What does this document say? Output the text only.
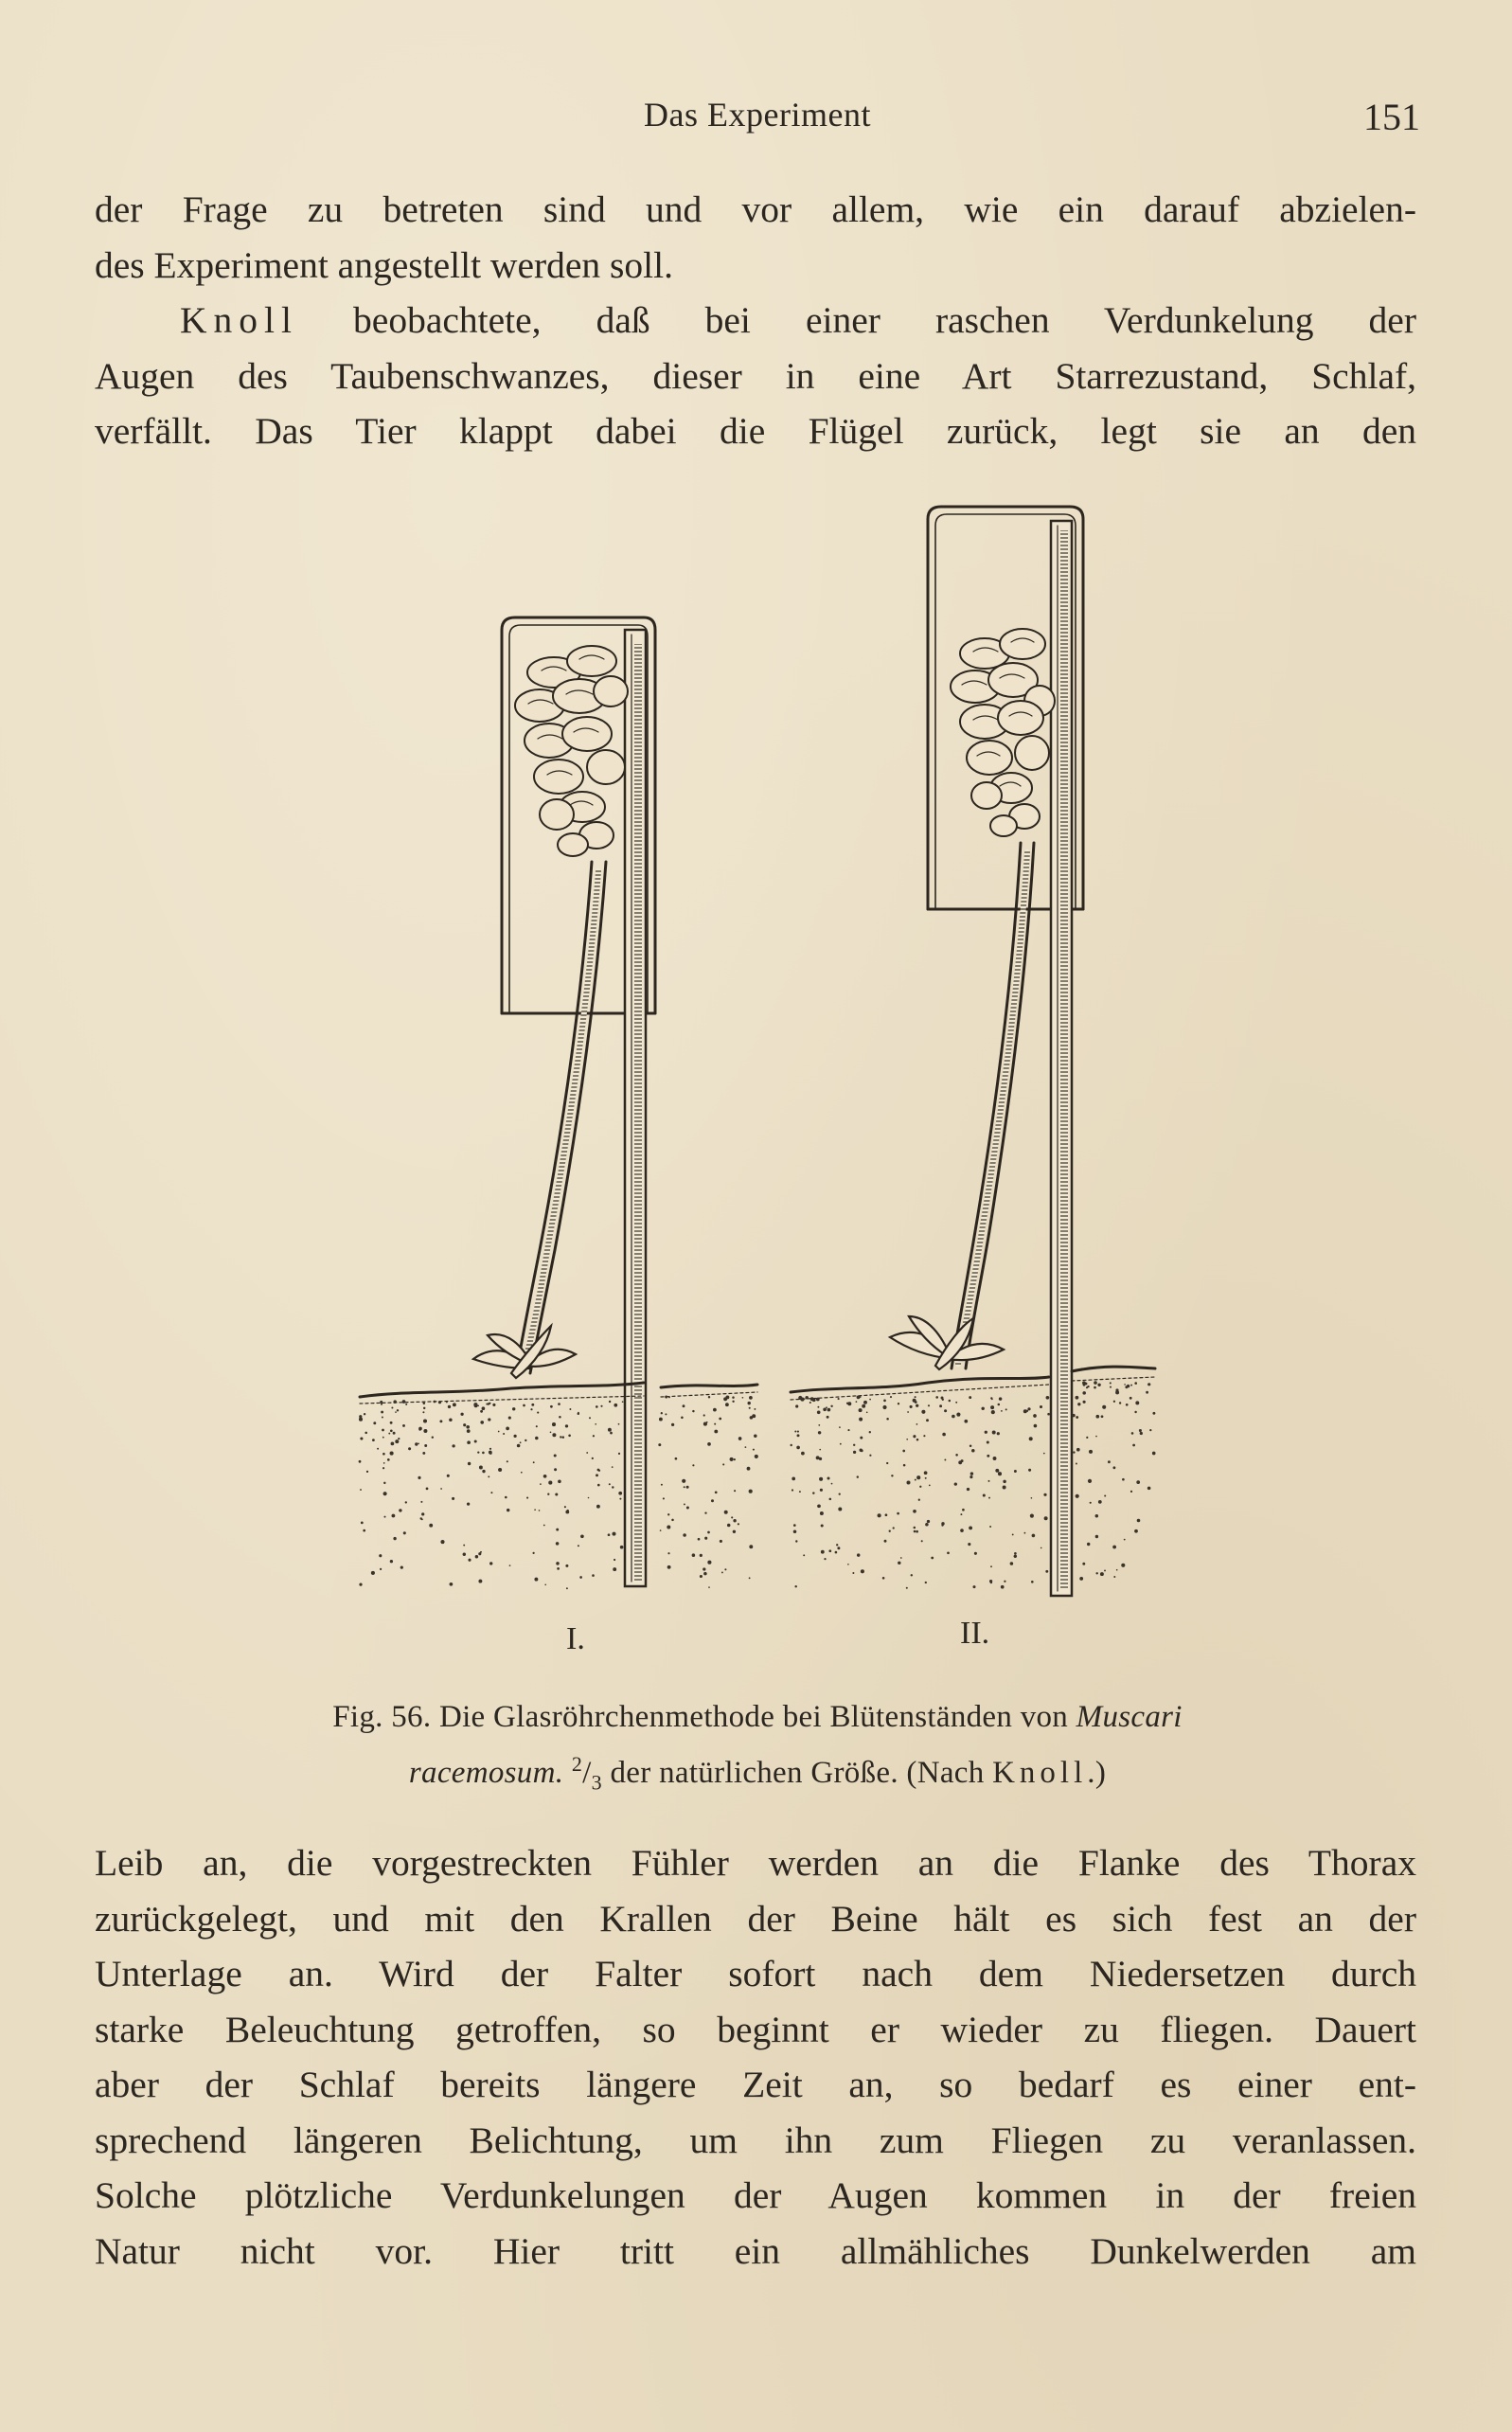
Das Experiment	151

der Frage zu betreten sind und vor allem, wie ein darauf abzielen-

des Experiment angestellt werden soll.

Knoll beobachtete, daß bei einer raschen Verdunkelung der

Augen des Taubenschwanzes, dieser in eine Art Starrezustand, Schlaf,

verfällt. Das Tier klappt dabei die Flügel zurück, legt sie an den

I.	II.
Fig. 56. Die Glasröhrchenmethode bei Blütenständen von Muscari
racemosum. $^2/_3$ der natürlichen Größe. (Nach Knoll.)

Leib an, die vorgestreckten Fühler werden an die Flanke des Thorax

zurückgelegt, und mit den Krallen der Beine hält es sich fest an der

Unterlage an. Wird der Falter sofort nach dem Niedersetzen durch

starke Beleuchtung getroffen, so beginnt er wieder zu fliegen. Dauert

aber der Schlaf bereits längere Zeit an, so bedarf es einer ent-

sprechend längeren Belichtung, um ihn zum Fliegen zu veranlassen.

Solche plötzliche Verdunkelungen der Augen kommen in der freien

Natur nicht vor. Hier tritt ein allmähliches Dunkelwerden am
